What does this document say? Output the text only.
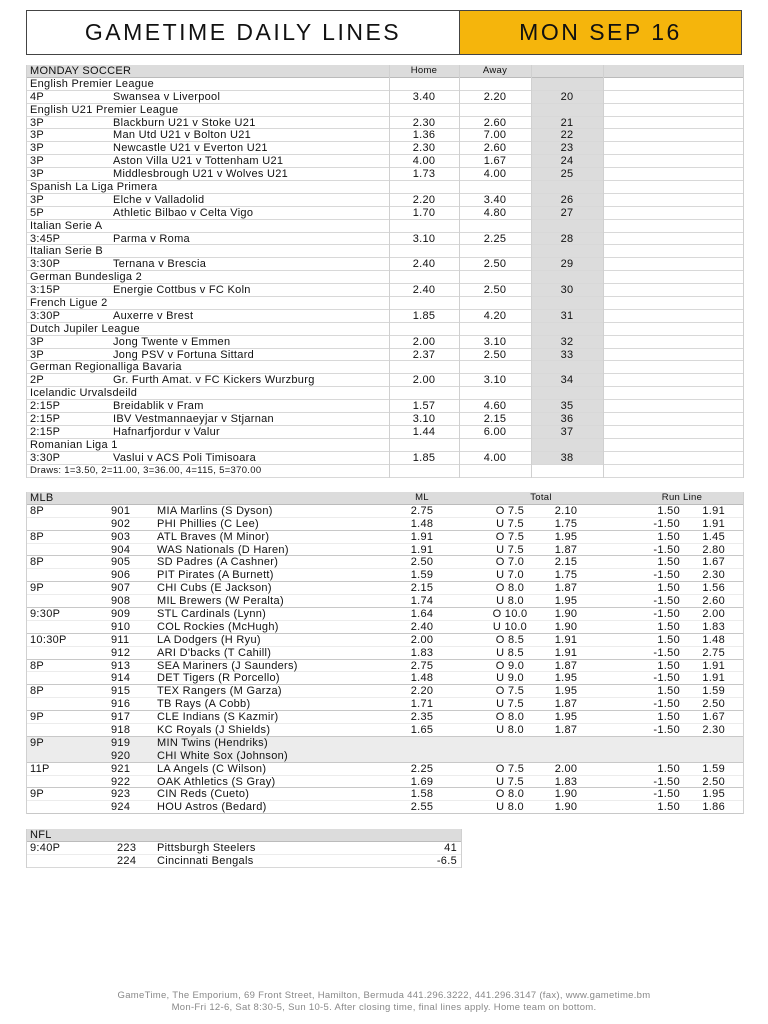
GAMETIME DAILY LINES	MON SEP 16
MONDAY SOCCER	Home	Away
English Premier League
4P	Swansea v Liverpool	3.40	2.20	20
English U21 Premier League
3P	Blackburn U21 v Stoke U21	2.30	2.60	21
3P	Man Utd U21 v Bolton U21	1.36	7.00	22
3P	Newcastle U21 v Everton U21	2.30	2.60	23
3P	Aston Villa U21 v Tottenham U21	4.00	1.67	24
3P	Middlesbrough U21 v Wolves U21	1.73	4.00	25
Spanish La Liga Primera
3P	Elche v Valladolid	2.20	3.40	26
5P	Athletic Bilbao v Celta Vigo	1.70	4.80	27
Italian Serie A
3:45P	Parma v Roma	3.10	2.25	28
Italian Serie B
3:30P	Ternana v Brescia	2.40	2.50	29
German Bundesliga 2
3:15P	Energie Cottbus v FC Koln	2.40	2.50	30
French Ligue 2
3:30P	Auxerre v Brest	1.85	4.20	31
Dutch Jupiler League
3P	Jong Twente v Emmen	2.00	3.10	32
3P	Jong PSV v Fortuna Sittard	2.37	2.50	33
German Regionalliga Bavaria
2P	Gr. Furth Amat. v FC Kickers Wurzburg	2.00	3.10	34
Icelandic Urvalsdeild
2:15P	Breidablik v Fram	1.57	4.60	35
2:15P	IBV Vestmannaeyjar v Stjarnan	3.10	2.15	36
2:15P	Hafnarfjordur v Valur	1.44	6.00	37
Romanian Liga 1
3:30P	Vaslui v ACS Poli Timisoara	1.85	4.00	38
Draws: 1=3.50, 2=11.00, 3=36.00, 4=115, 5=370.00
MLB	ML	Total	Run Line
8P	901 MIA Marlins (S Dyson)	2.75	O 7.5	2.10	1.50	1.91
902 PHI Phillies (C Lee)	1.48	U 7.5	1.75	-1.50	1.91
8P	903 ATL Braves (M Minor)	1.91	O 7.5	1.95	1.50	1.45
904 WAS Nationals (D Haren)	1.91	U 7.5	1.87	-1.50	2.80
8P	905 SD Padres (A Cashner)	2.50	O 7.0	2.15	1.50	1.67
906 PIT Pirates (A Burnett)	1.59	U 7.0	1.75	-1.50	2.30
9P	907 CHI Cubs (E Jackson)	2.15	O 8.0	1.87	1.50	1.56
908 MIL Brewers (W Peralta)	1.74	U 8.0	1.95	-1.50	2.60
9:30P	909 STL Cardinals (Lynn)	1.64	O 10.0	1.90	-1.50	2.00
910 COL Rockies (McHugh)	2.40	U 10.0	1.90	1.50	1.83
10:30P	911	LA Dodgers (H Ryu)	2.00	O 8.5	1.91	1.50	1.48
912 ARI D'backs (T Cahill)	1.83	U 8.5	1.91	-1.50	2.75
8P	913 SEA Mariners (J Saunders)	2.75	O 9.0	1.87	1.50	1.91
914 DET Tigers (R Porcello)	1.48	U 9.0	1.95	-1.50	1.91
8P	915 TEX Rangers (M Garza)	2.20	O 7.5	1.95	1.50	1.59
916 TB Rays (A Cobb)	1.71	U 7.5	1.87	-1.50	2.50
9P	917 CLE Indians (S Kazmir)	2.35	O 8.0	1.95	1.50	1.67
918 KC Royals (J Shields)	1.65	U 8.0	1.87	-1.50	2.30
9P	919 MIN Twins (Hendriks)
920 CHI White Sox (Johnson)
11P	921 LA Angels (C Wilson)	2.25	O 7.5	2.00	1.50	1.59
922 OAK Athletics (S Gray)	1.69	U 7.5	1.83	-1.50	2.50
9P	923 CIN Reds (Cueto)	1.58	O 8.0	1.90	-1.50	1.95
924 HOU Astros (Bedard)	2.55	U 8.0	1.90	1.50	1.86
NFL
9:40P	223 Pittsburgh Steelers	41
224 Cincinnati Bengals	-6.5
GameTime, The Emporium, 69 Front Street, Hamilton, Bermuda 441.296.3222, 441.296.3147 (fax), www.gametime.bm
Mon-Fri 12-6, Sat 8:30-5, Sun 10-5. After closing time, final lines apply. Home team on bottom.
